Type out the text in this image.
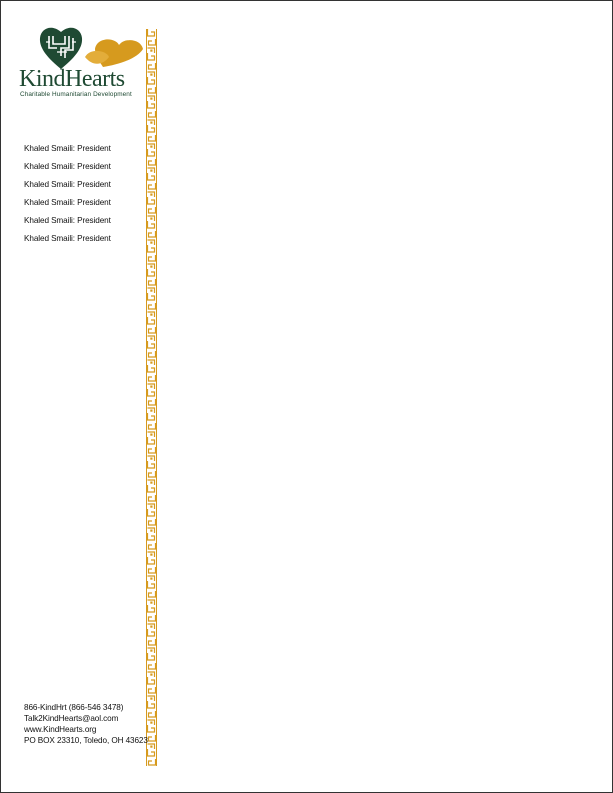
KindHearts
Charitable Humanitarian Development
Khaled Smaili: President
Khaled Smaili: President
Khaled Smaili: President
Khaled Smaili: President
Khaled Smaili: President
Khaled Smaili: President
866-KindHrt (866-546 3478)
Talk2KindHearts@aol.com
www.KindHearts.org
PO BOX 23310, Toledo, OH 43623
